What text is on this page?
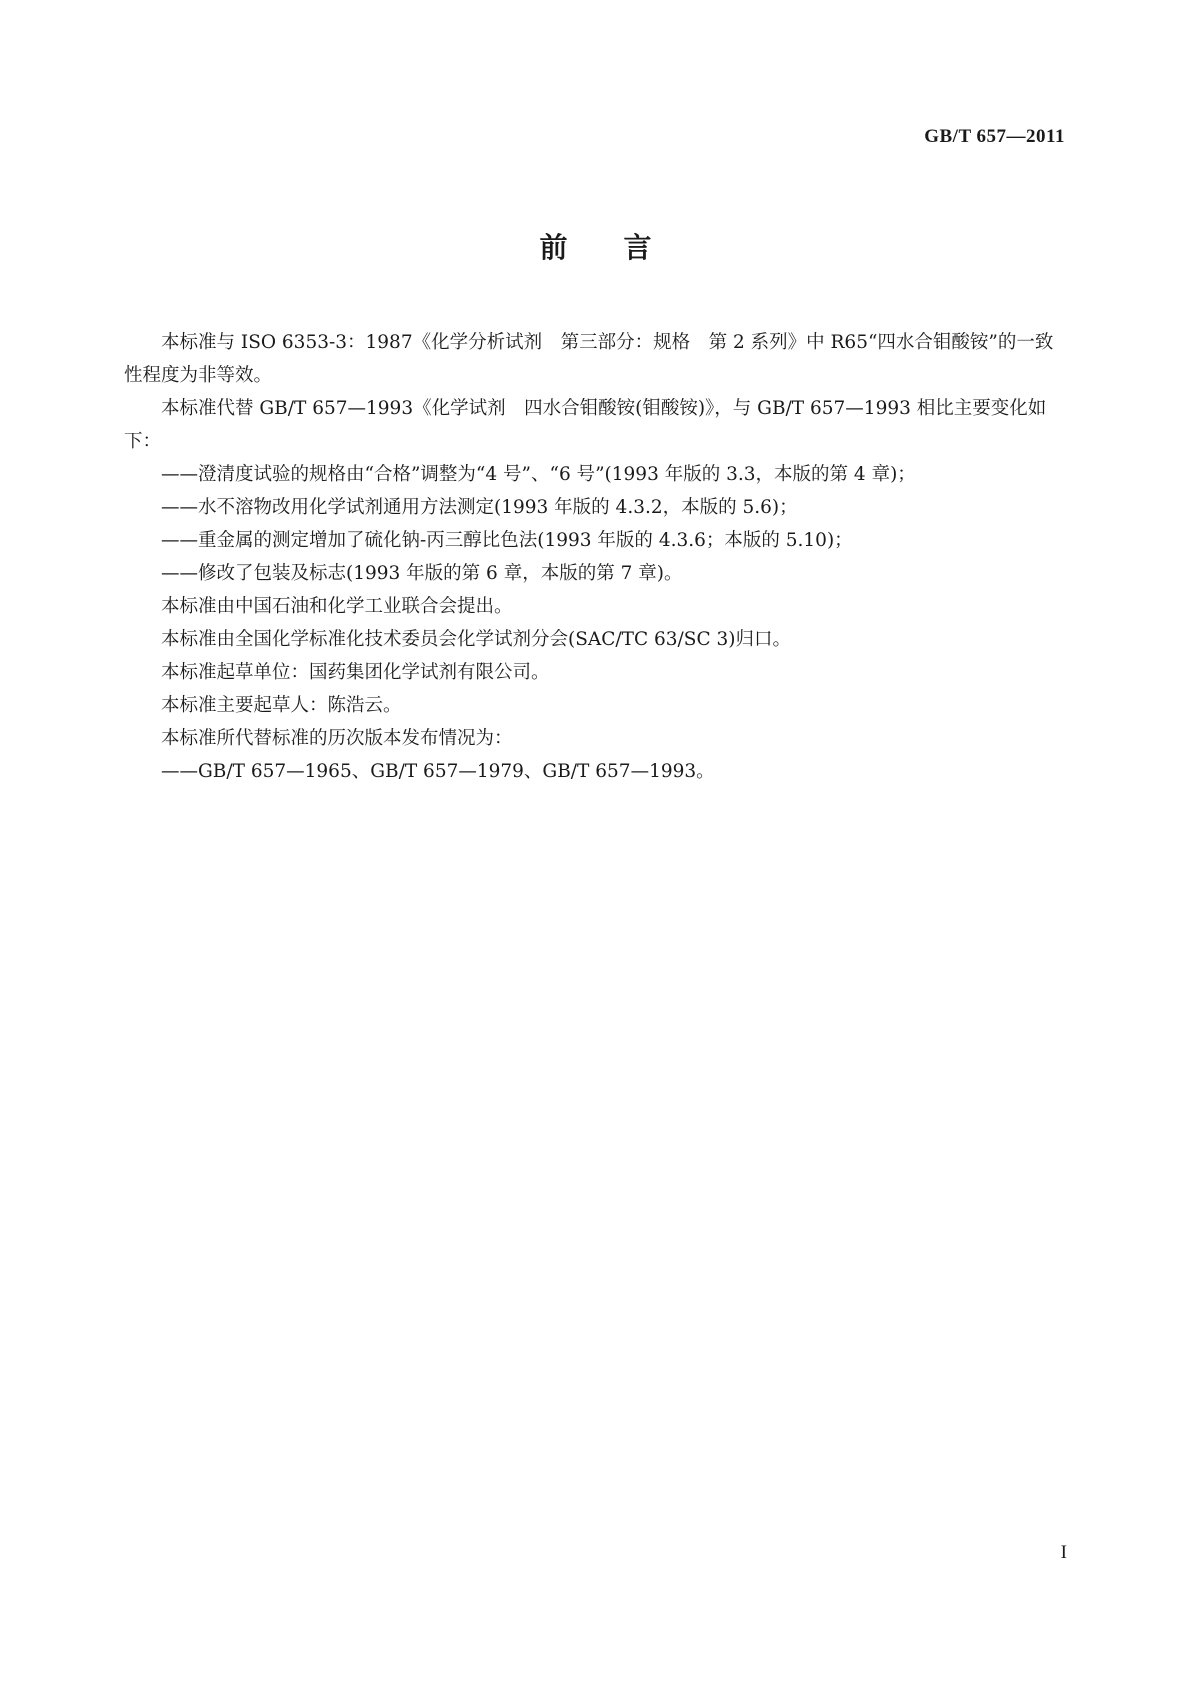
GB/T 657—2011
前言

本标准与 ISO 6353-3：1987《化学分析试剂　第三部分：规格　第 2 系列》中 R65“四水合钼酸铵”的一致性程度为非等效。

本标准代替 GB/T 657—1993《化学试剂　四水合钼酸铵(钼酸铵)》，与 GB/T 657—1993 相比主要变化如下：

——澄清度试验的规格由“合格”调整为“4 号”、“6 号”(1993 年版的 3.3，本版的第 4 章)；

——水不溶物改用化学试剂通用方法测定(1993 年版的 4.3.2，本版的 5.6)；

——重金属的测定增加了硫化钠-丙三醇比色法(1993 年版的 4.3.6；本版的 5.10)；

——修改了包装及标志(1993 年版的第 6 章，本版的第 7 章)。

本标准由中国石油和化学工业联合会提出。

本标准由全国化学标准化技术委员会化学试剂分会(SAC/TC 63/SC 3)归口。

本标准起草单位：国药集团化学试剂有限公司。

本标准主要起草人：陈浩云。

本标准所代替标准的历次版本发布情况为：

——GB/T 657—1965、GB/T 657—1979、GB/T 657—1993。

I
